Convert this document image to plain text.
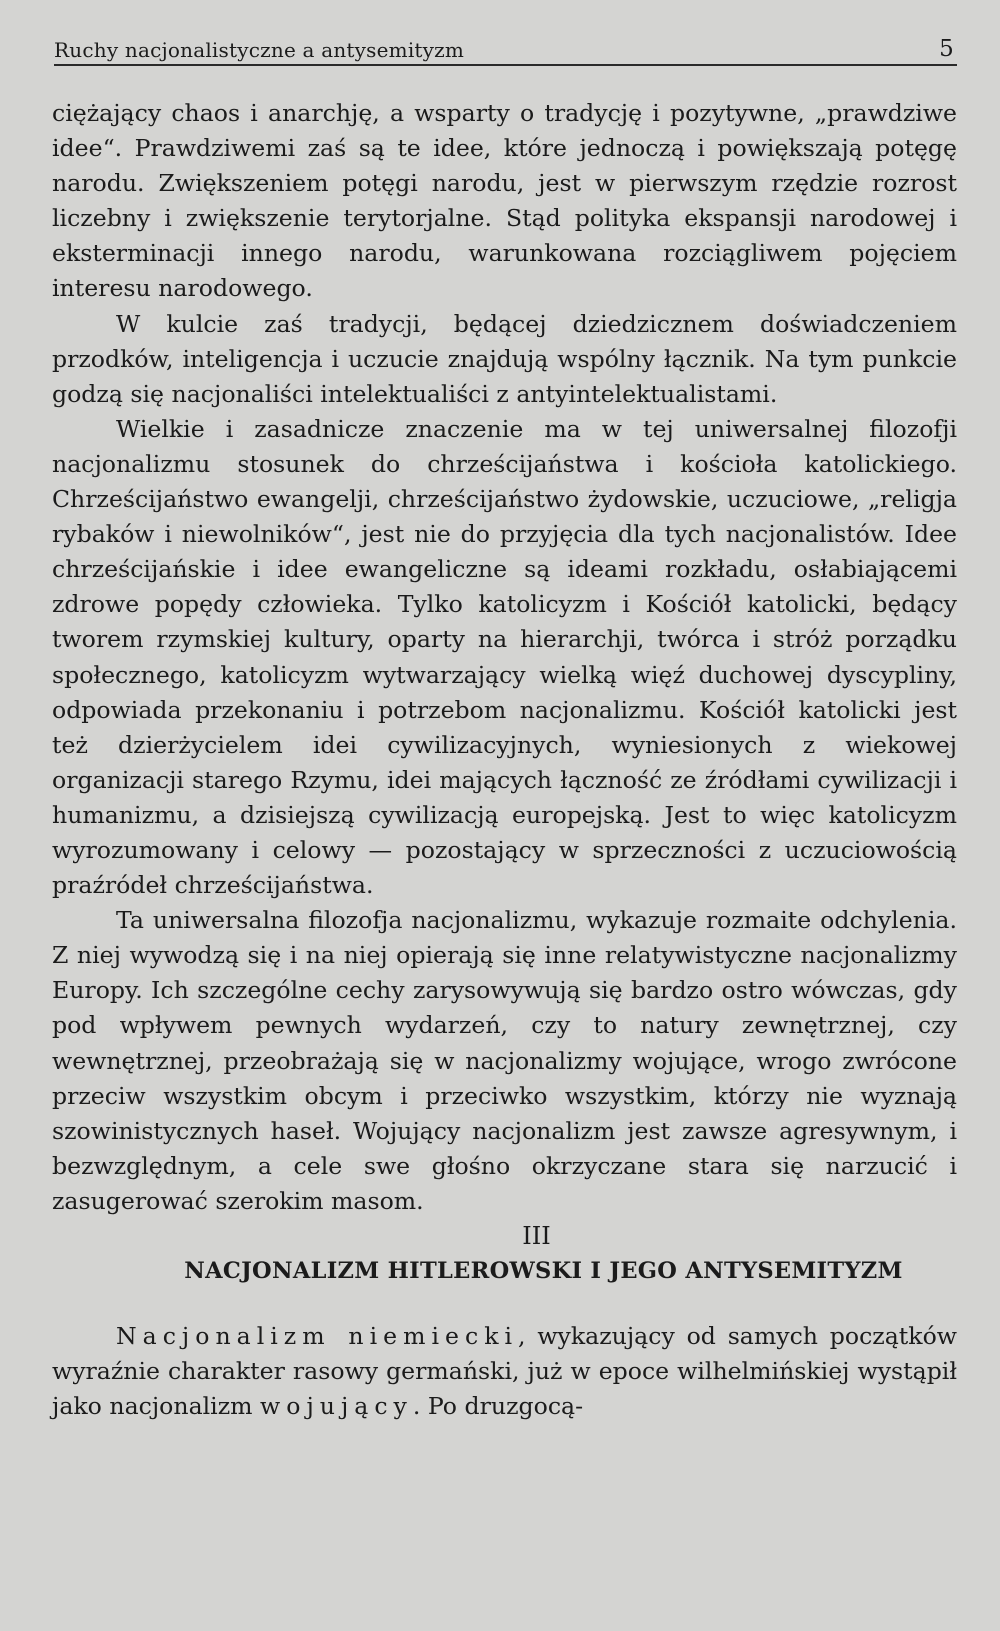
Ruchy nacjonalistyczne a antysemityzm	5

ciężający chaos i anarchję, a wsparty o tradycję i pozytywne, „prawdziwe idee“. Prawdziwemi zaś są te idee, które jednoczą i powiększają potęgę narodu. Zwiększeniem potęgi narodu, jest w pierwszym rzędzie rozrost liczebny i zwiększenie terytorjalne. Stąd polityka ekspansji narodowej i eksterminacji innego narodu, warunkowana rozciągliwem pojęciem interesu narodowego.

W kulcie zaś tradycji, będącej dziedzicznem doświadczeniem przodków, inteligencja i uczucie znajdują wspólny łącznik. Na tym punkcie godzą się nacjonaliści intelektualiści z antyintelektualistami.

Wielkie i zasadnicze znaczenie ma w tej uniwersalnej filozofji nacjonalizmu stosunek do chrześcijaństwa i kościoła katolickiego. Chrześcijaństwo ewangelji, chrześcijaństwo żydowskie, uczuciowe, „religja rybaków i niewolników“, jest nie do przyjęcia dla tych nacjonalistów. Idee chrześcijańskie i idee ewangeliczne są ideami rozkładu, osłabiającemi zdrowe popędy człowieka. Tylko katolicyzm i Kościół katolicki, będący tworem rzymskiej kultury, oparty na hierarchji, twórca i stróż porządku społecznego, katolicyzm wytwarzający wielką więź duchowej dyscypliny, odpowiada przekonaniu i potrzebom nacjonalizmu. Kościół katolicki jest też dzierżycielem idei cywilizacyjnych, wyniesionych z wiekowej organizacji starego Rzymu, idei mających łączność ze źródłami cywilizacji i humanizmu, a dzisiejszą cywilizacją europejską. Jest to więc katolicyzm wyrozumowany i celowy — pozostający w sprzeczności z uczuciowością praźródeł chrześcijaństwa.

Ta uniwersalna filozofja nacjonalizmu, wykazuje rozmaite odchylenia. Z niej wywodzą się i na niej opierają się inne relatywistyczne nacjonalizmy Europy. Ich szczególne cechy zarysowywują się bardzo ostro wówczas, gdy pod wpływem pewnych wydarzeń, czy to natury zewnętrznej, czy wewnętrznej, przeobrażają się w nacjonalizmy wojujące, wrogo zwrócone przeciw wszystkim obcym i przeciwko wszystkim, którzy nie wyznają szowinistycznych haseł. Wojujący nacjonalizm jest zawsze agresywnym, i bezwzględnym, a cele swe głośno okrzyczane stara się narzucić i zasugerować szerokim masom.

III

NACJONALIZM HITLEROWSKI I JEGO ANTYSEMITYZM

Nacjonalizm niemiecki, wykazujący od samych początków wyraźnie charakter rasowy germański, już w epoce wilhelmińskiej wystąpił jako nacjonalizm wojujący. Po druzgocą-
